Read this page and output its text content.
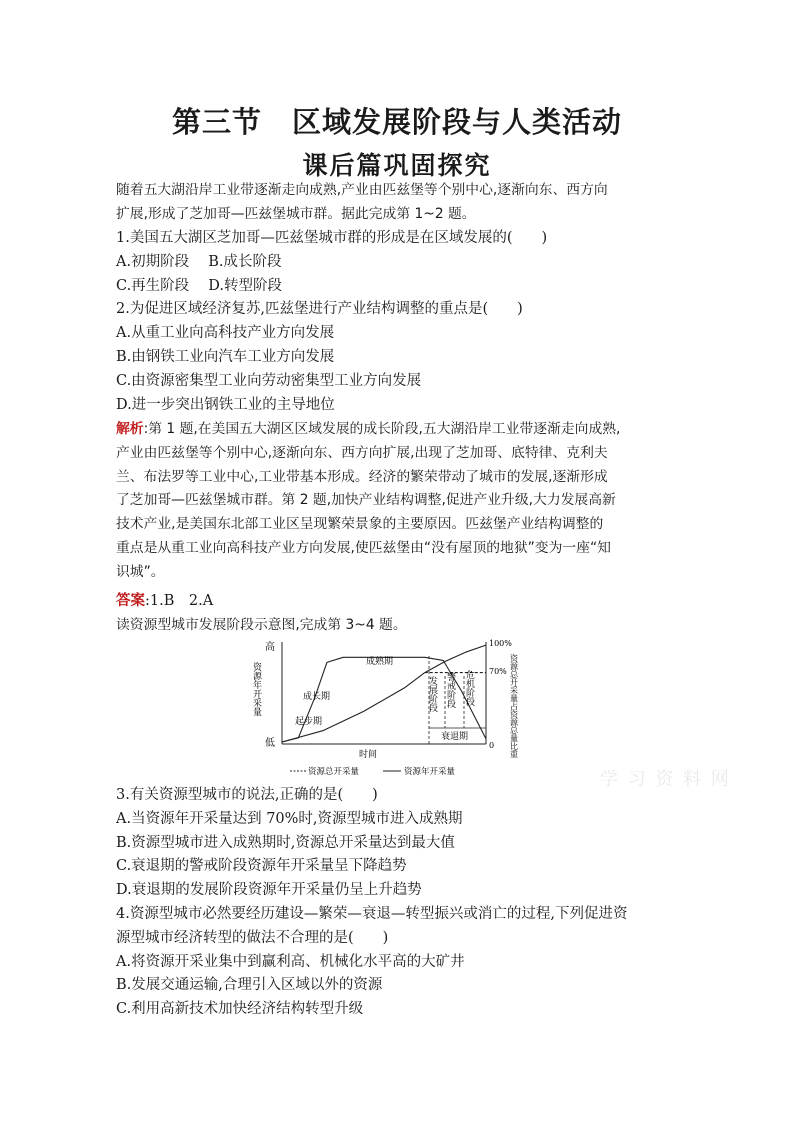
第三节　区域发展阶段与人类活动
课后篇巩固探究
随着五大湖沿岸工业带逐渐走向成熟,产业由匹兹堡等个别中心,逐渐向东、西方向
扩展,形成了芝加哥—匹兹堡城市群。据此完成第 1~2 题。
1.美国五大湖区芝加哥—匹兹堡城市群的形成是在区域发展的(　　)
A.初期阶段　 B.成长阶段
C.再生阶段　 D.转型阶段
2.为促进区域经济复苏,匹兹堡进行产业结构调整的重点是(　　)
A.从重工业向高科技产业方向发展
B.由钢铁工业向汽车工业方向发展
C.由资源密集型工业向劳动密集型工业方向发展
D.进一步突出钢铁工业的主导地位
解析:第 1 题,在美国五大湖区区域发展的成长阶段,五大湖沿岸工业带逐渐走向成熟,
产业由匹兹堡等个别中心,逐渐向东、西方向扩展,出现了芝加哥、底特律、克利夫
兰、布法罗等工业中心,工业带基本形成。经济的繁荣带动了城市的发展,逐渐形成
了芝加哥—匹兹堡城市群。第 2 题,加快产业结构调整,促进产业升级,大力发展高新
技术产业,是美国东北部工业区呈现繁荣景象的主要原因。匹兹堡产业结构调整的
重点是从重工业向高科技产业方向发展,使匹兹堡由“没有屋顶的地狱”变为一座“知
识城”。
答案:1.B　2.A
读资源型城市发展阶段示意图,完成第 3~4 题。
高
低
资源年开采量
100%
70%
0 资源总开采量占资源总量比重
起步期
成长期
成熟期
衰退期
发展阶段 警戒阶段 危机阶段
时间
资源总开采量	资源年开采量	学 习 资 料 网
3.有关资源型城市的说法,正确的是(　　)
A.当资源年开采量达到 70%时,资源型城市进入成熟期
B.资源型城市进入成熟期时,资源总开采量达到最大值
C.衰退期的警戒阶段资源年开采量呈下降趋势
D.衰退期的发展阶段资源年开采量仍呈上升趋势
4.资源型城市必然要经历建设—繁荣—衰退—转型振兴或消亡的过程,下列促进资
源型城市经济转型的做法不合理的是(　　)
A.将资源开采业集中到赢利高、机械化水平高的大矿井
B.发展交通运输,合理引入区域以外的资源
C.利用高新技术加快经济结构转型升级
